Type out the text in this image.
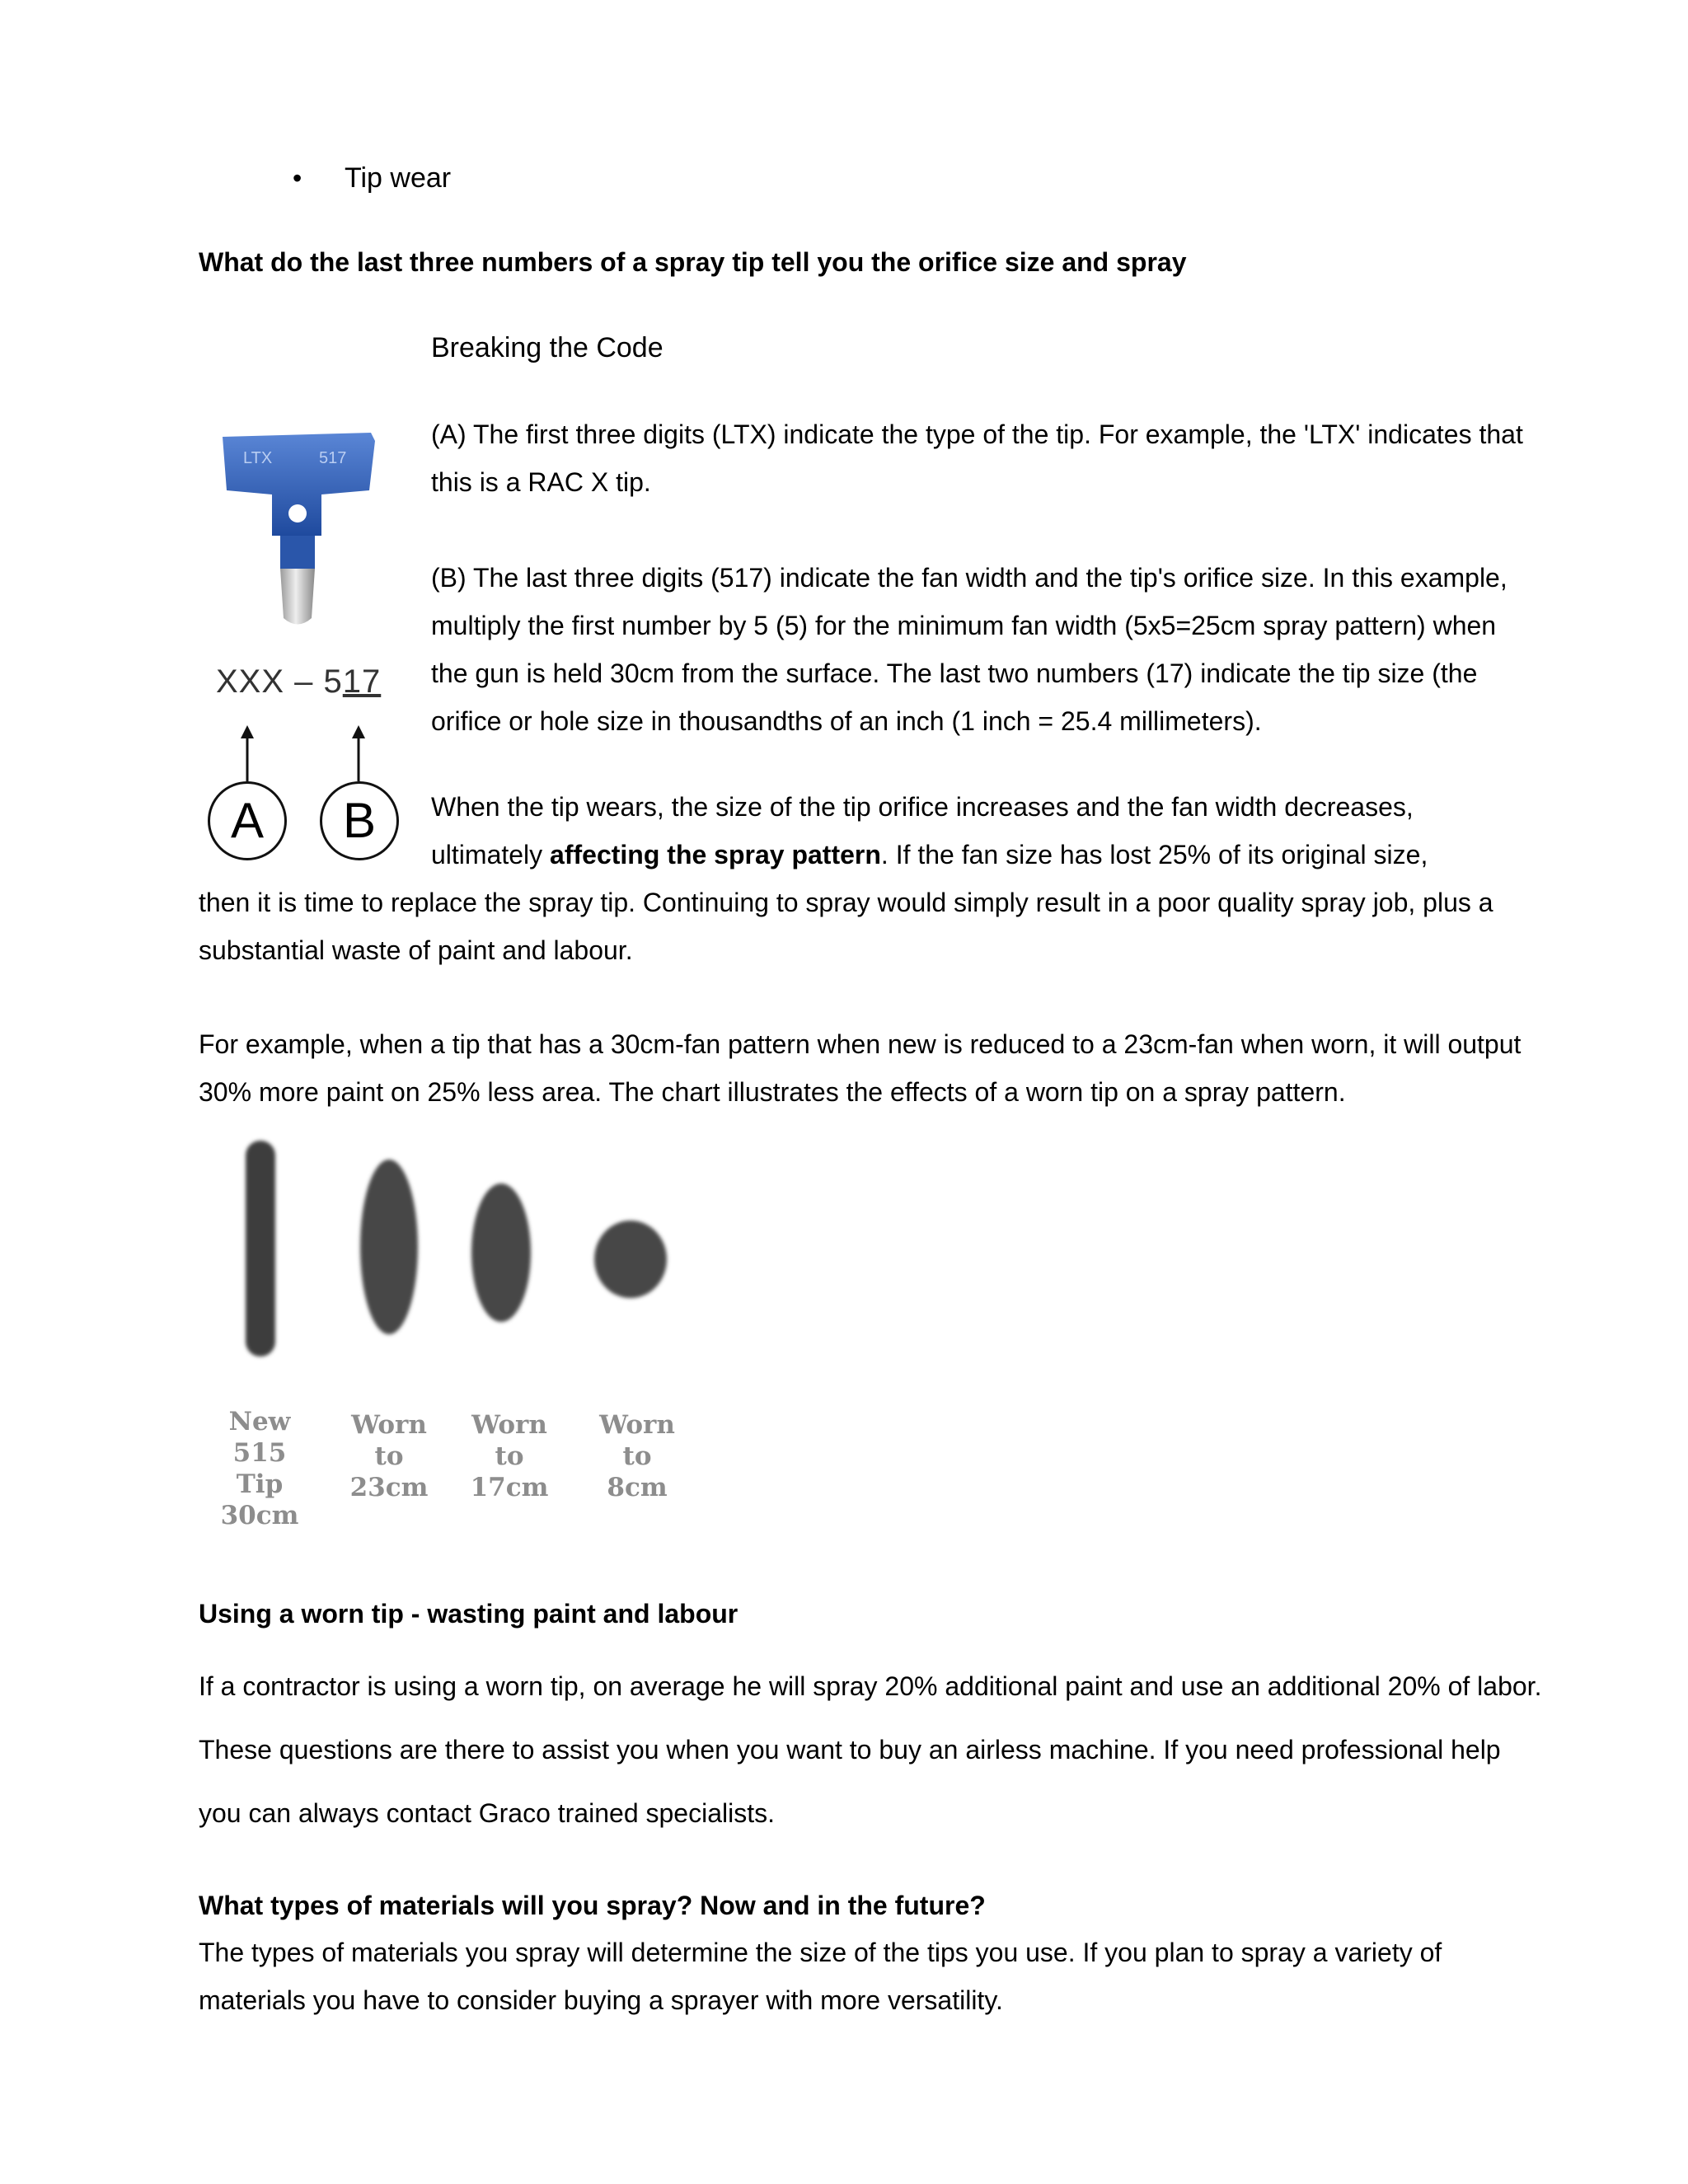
• Tip wear
What do the last three numbers of a spray tip tell you the orifice size and spray
Breaking the Code
(A) The first three digits (LTX) indicate the type of the tip. For example, the 'LTX' indicates that this is a RAC X tip.
(B) The last three digits (517) indicate the fan width and the tip's orifice size. In this example, multiply the first number by 5 (5) for the minimum fan width (5x5=25cm spray pattern) when the gun is held 30cm from the surface. The last two numbers (17) indicate the tip size (the orifice or hole size in thousandths of an inch (1 inch = 25.4 millimeters).
When the tip wears, the size of the tip orifice increases and the fan width decreases,
ultimately affecting the spray pattern. If the fan size has lost 25% of its original size,
then it is time to replace the spray tip. Continuing to spray would simply result in a poor quality spray job, plus a substantial waste of paint and labour.
For example, when a tip that has a 30cm-fan pattern when new is reduced to a 23cm-fan when worn, it will output 30% more paint on 25% less area. The chart illustrates the effects of a worn tip on a spray pattern.
LTX	517
XXX – 517
A	B
New
515 Tip
30cm
Worn
to
23cm
Worn
to
17cm
Worn
to
8cm
Using a worn tip - wasting paint and labour
If a contractor is using a worn tip, on average he will spray 20% additional paint and use an additional 20% of labor. These questions are there to assist you when you want to buy an airless machine. If you need professional help you can always contact Graco trained specialists.
What types of materials will you spray? Now and in the future?
The types of materials you spray will determine the size of the tips you use. If you plan to spray a variety of materials you have to consider buying a sprayer with more versatility.
